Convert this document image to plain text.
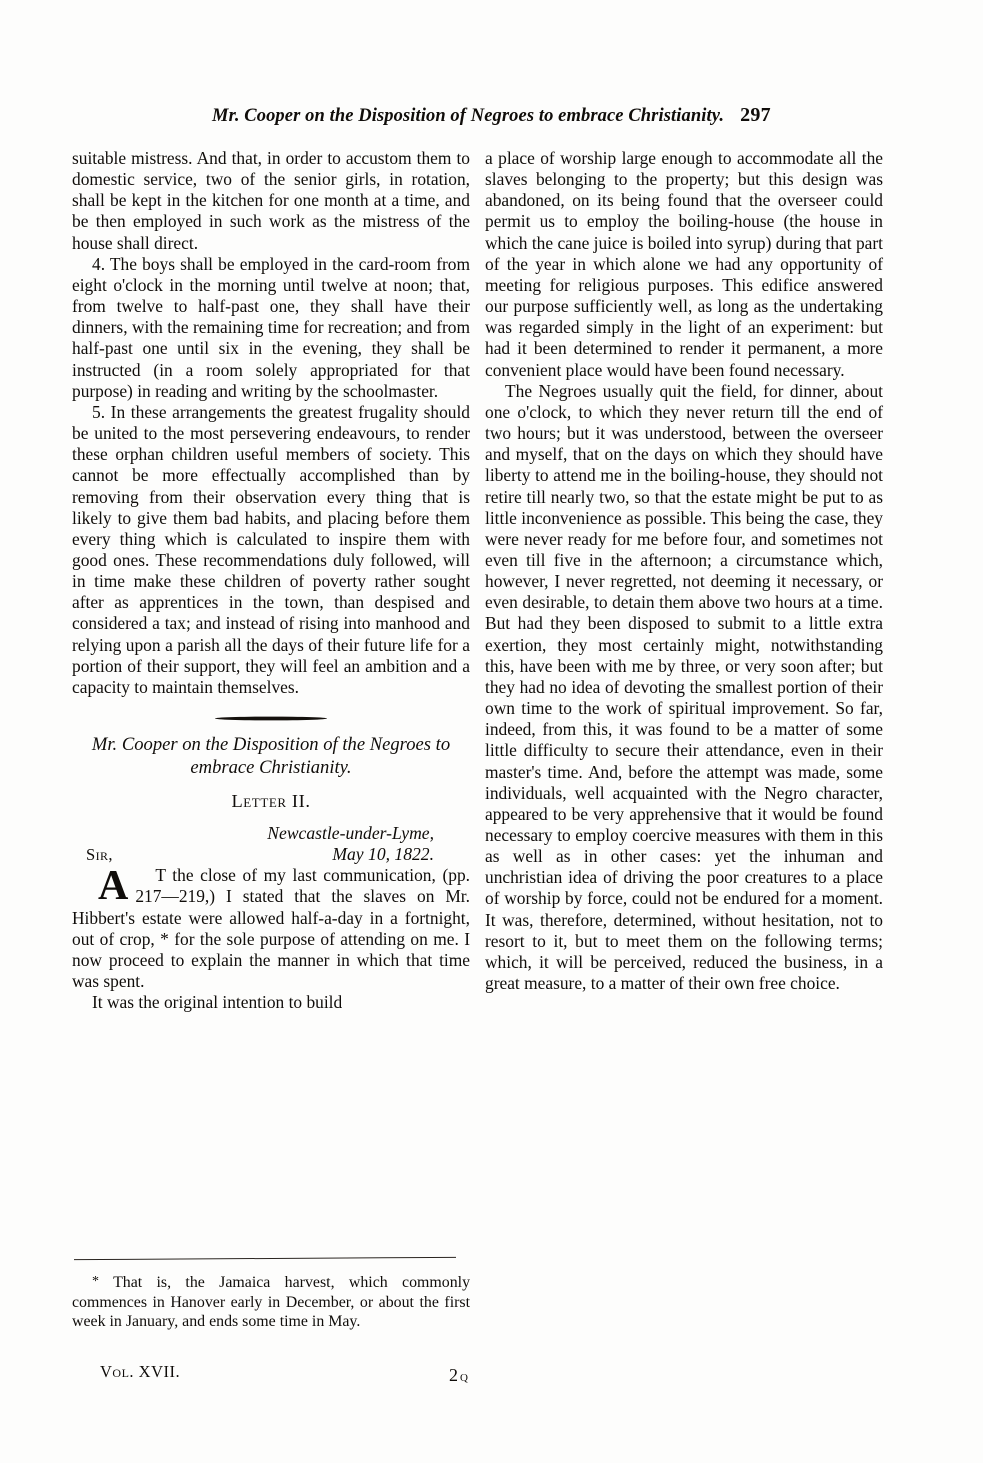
Mr. Cooper on the Disposition of Negroes to embrace Christianity. 297

suitable mistress. And that, in order to accustom them to domestic service, two of the senior girls, in rotation, shall be kept in the kitchen for one month at a time, and be then employed in such work as the mistress of the house shall direct.

4. The boys shall be employed in the card-room from eight o'clock in the morning until twelve at noon; that, from twelve to half-past one, they shall have their dinners, with the remaining time for recreation; and from half-past one until six in the evening, they shall be instructed (in a room solely appropriated for that purpose) in reading and writing by the schoolmaster.

5. In these arrangements the greatest frugality should be united to the most persevering endeavours, to render these orphan children useful members of society. This cannot be more effectually accomplished than by removing from their observation every thing that is likely to give them bad habits, and placing before them every thing which is calculated to inspire them with good ones. These recommendations duly followed, will in time make these children of poverty rather sought after as apprentices in the town, than despised and considered a tax; and instead of rising into manhood and relying upon a parish all the days of their future life for a portion of their support, they will feel an ambition and a capacity to maintain themselves.

Mr. Cooper on the Disposition of the Negroes to embrace Christianity.
Letter II.
Newcastle-under-Lyme,
May 10, 1822.
Sir,

A	T the close of my last communication, (pp. 217—219,) I stated that the slaves on Mr. Hibbert's estate were allowed half-a-day in a fortnight, out of crop, * for the sole purpose of attending on me. I now proceed to explain the manner in which that time was spent.

It was the original intention to build

* That is, the Jamaica harvest, which commonly commences in Hanover early in December, or about the first week in January, and ends some time in May.

Vol. XVII.	2q

a place of worship large enough to accommodate all the slaves belonging to the property; but this design was abandoned, on its being found that the overseer could permit us to employ the boiling-house (the house in which the cane juice is boiled into syrup) during that part of the year in which alone we had any opportunity of meeting for religious purposes. This edifice answered our purpose sufficiently well, as long as the undertaking was regarded simply in the light of an experiment: but had it been determined to render it permanent, a more convenient place would have been found necessary.

The Negroes usually quit the field, for dinner, about one o'clock, to which they never return till the end of two hours; but it was understood, between the overseer and myself, that on the days on which they should have liberty to attend me in the boiling-house, they should not retire till nearly two, so that the estate might be put to as little inconvenience as possible. This being the case, they were never ready for me before four, and sometimes not even till five in the afternoon; a circumstance which, however, I never regretted, not deeming it necessary, or even desirable, to detain them above two hours at a time. But had they been disposed to submit to a little extra exertion, they most certainly might, notwithstanding this, have been with me by three, or very soon after; but they had no idea of devoting the smallest portion of their own time to the work of spiritual improvement. So far, indeed, from this, it was found to be a matter of some little difficulty to secure their attendance, even in their master's time. And, before the attempt was made, some individuals, well acquainted with the Negro character, appeared to be very apprehensive that it would be found necessary to employ coercive measures with them in this as well as in other cases: yet the inhuman and unchristian idea of driving the poor creatures to a place of worship by force, could not be endured for a moment. It was, therefore, determined, without hesitation, not to resort to it, but to meet them on the following terms; which, it will be perceived, reduced the business, in a great measure, to a matter of their own free choice.
